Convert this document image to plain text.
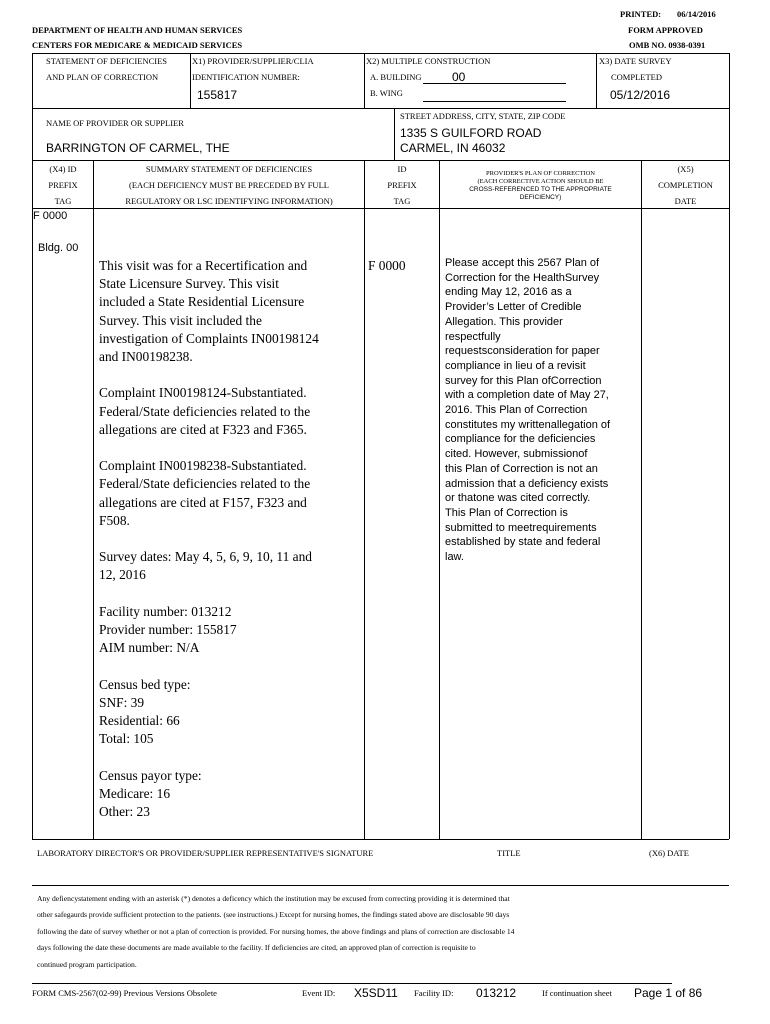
PRINTED: 06/14/2016
FORM APPROVED
OMB NO. 0938-0391
DEPARTMENT OF HEALTH AND HUMAN SERVICES
CENTERS FOR MEDICARE & MEDICAID SERVICES
STATEMENT OF DEFICIENCIES
AND PLAN OF CORRECTION
X1) PROVIDER/SUPPLIER/CLIA
IDENTIFICATION NUMBER:
155817
X2) MULTIPLE CONSTRUCTION
A. BUILDING	00
B. WING
X3) DATE SURVEY
COMPLETED
05/12/2016
NAME OF PROVIDER OR SUPPLIER
BARRINGTON OF CARMEL, THE
STREET ADDRESS, CITY, STATE, ZIP CODE
1335 S GUILFORD ROAD
CARMEL, IN 46032
(X4) ID
PREFIX
TAG
SUMMARY STATEMENT OF DEFICIENCIES
(EACH DEFICIENCY MUST BE PRECEDED BY FULL
REGULATORY OR LSC IDENTIFYING INFORMATION)
ID
PREFIX
TAG
PROVIDER'S PLAN OF CORRECTION
(EACH CORRECTIVE ACTION SHOULD BE
CROSS-REFERENCED TO THE APPROPRIATE
DEFICIENCY)
(X5)
COMPLETION
DATE
F 0000
Bldg. 00
This visit was for a Recertification and
State Licensure Survey. This visit
included a State Residential Licensure
Survey. This visit included the
investigation of Complaints IN00198124
and IN00198238.

Complaint IN00198124-Substantiated.
Federal/State deficiencies related to the
allegations are cited at F323 and F365.

Complaint IN00198238-Substantiated.
Federal/State deficiencies related to the
allegations are cited at F157, F323 and
F508.

Survey dates: May 4, 5, 6, 9, 10, 11 and
12, 2016

Facility number: 013212
Provider number: 155817
AIM number: N/A

Census bed type:
SNF: 39
Residential: 66
Total: 105

Census payor type:
Medicare: 16
Other: 23
F 0000	Please accept this 2567 Plan of
Correction for the HealthSurvey
ending May 12, 2016 as a
Provider’s Letter of Credible
Allegation. This provider
respectfully
requestsconsideration for paper
compliance in lieu of a revisit
survey for this Plan ofCorrection
with a completion date of May 27,
2016. This Plan of Correction
constitutes my writtenallegation of
compliance for the deficiencies
cited. However, submissionof
this Plan of Correction is not an
admission that a deficiency exists
or thatone was cited correctly.
This Plan of Correction is
submitted to meetrequirements
established by state and federal
law.
LABORATORY DIRECTOR'S OR PROVIDER/SUPPLIER REPRESENTATIVE'S SIGNATURE	TITLE	(X6) DATE
Any defiencystatement ending with an asterisk (*) denotes a deficency which the institution may be excused from correcting providing it is determined that
other safegaurds provide sufficient protection to the patients. (see instructions.) Except for nursing homes, the findings stated above are disclosable 90 days
following the date of survey whether or not a plan of correction is provided. For nursing homes, the above findings and plans of correction are disclosable 14
days following the date these documents are made available to the facility. If deficiencies are cited, an approved plan of correction is requisite to
continued program participation.
FORM CMS-2567(02-99) Previous Versions Obsolete	Event ID: X5SD11 Facility ID: 013212	If continuation sheet Page 1 of 86
